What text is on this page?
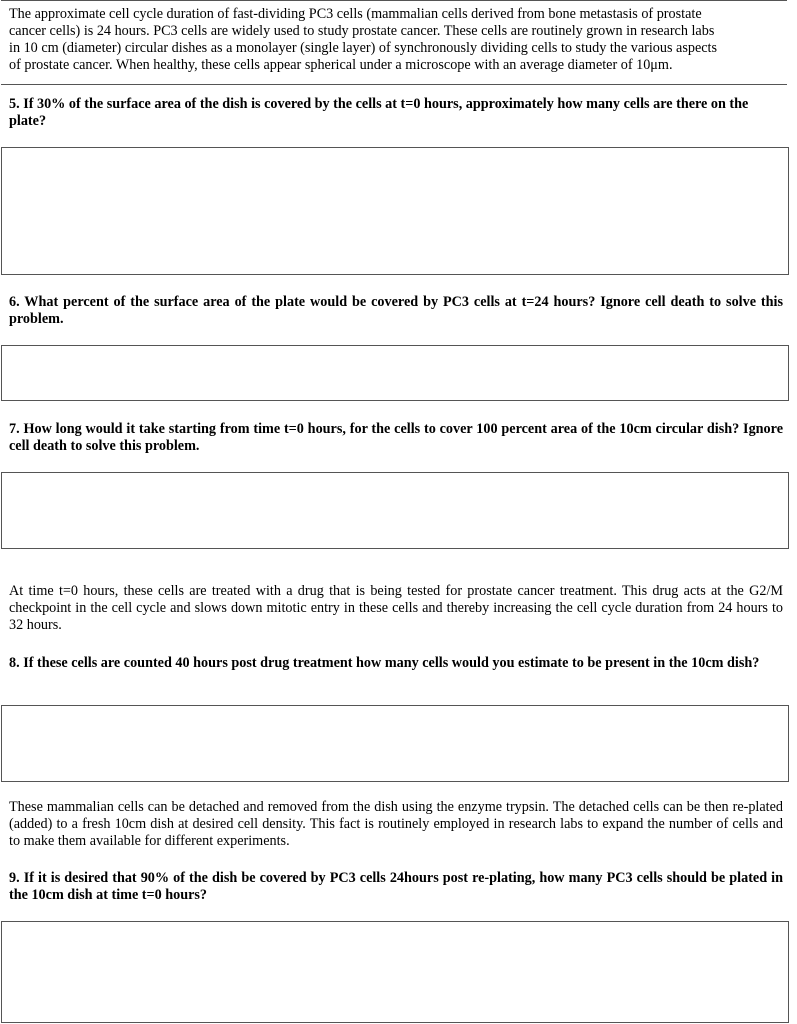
The approximate cell cycle duration of fast-dividing PC3 cells (mammalian cells derived from bone metastasis of prostate
cancer cells) is 24 hours. PC3 cells are widely used to study prostate cancer. These cells are routinely grown in research labs
in 10 cm (diameter) circular dishes as a monolayer (single layer) of synchronously dividing cells to study the various aspects
of prostate cancer. When healthy, these cells appear spherical under a microscope with an average diameter of 10μm.
5. If 30% of the surface area of the dish is covered by the cells at t=0 hours, approximately how many cells are there on the plate?
6. What percent of the surface area of the plate would be covered by PC3 cells at t=24 hours? Ignore cell death to solve this problem.
7. How long would it take starting from time t=0 hours, for the cells to cover 100 percent area of the 10cm circular dish? Ignore cell death to solve this problem.
At time t=0 hours, these cells are treated with a drug that is being tested for prostate cancer treatment. This drug acts at the G2/M checkpoint in the cell cycle and slows down mitotic entry in these cells and thereby increasing the cell cycle duration from 24 hours to 32 hours.
8. If these cells are counted 40 hours post drug treatment how many cells would you estimate to be present in the 10cm dish?
These mammalian cells can be detached and removed from the dish using the enzyme trypsin. The detached cells can be then re-plated (added) to a fresh 10cm dish at desired cell density. This fact is routinely employed in research labs to expand the number of cells and to make them available for different experiments.
9. If it is desired that 90% of the dish be covered by PC3 cells 24hours post re-plating, how many PC3 cells should be plated in the 10cm dish at time t=0 hours?
